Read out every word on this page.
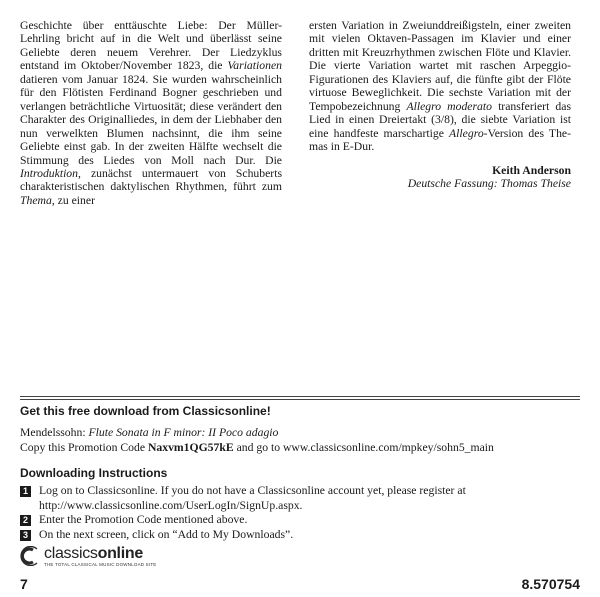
Geschichte über enttäuschte Liebe: Der Müller-Lehrling bricht auf in die Welt und überlässt seine Geliebte deren neuem Verehrer. Der Liedzyklus entstand im Oktober/November 1823, die Variationen datieren vom Januar 1824. Sie wurden wahrscheinlich für den Flötisten Ferdinand Bogner geschrieben und verlangen beträchtliche Virtuosität; diese verändert den Charakter des Originalliedes, in dem der Liebhaber den nun verwelkten Blumen nachsinnt, die ihm seine Geliebte einst gab. In der zweiten Hälfte wechselt die Stimmung des Liedes von Moll nach Dur. Die Introduktion, zunächst untermauert von Schuberts charakteristischen daktylischen Rhythmen, führt zum Thema, zu einer

ersten Variation in Zweiunddreißigsteln, einer zweiten mit vielen Oktaven-Passagen im Klavier und einer dritten mit Kreuzrhythmen zwischen Flöte und Klavier. Die vierte Variation wartet mit raschen Arpeggio-Figurationen des Klaviers auf, die fünfte gibt der Flöte virtuose Beweglichkeit. Die sechste Variation mit der Tempobezeichnung Allegro moderato transferiert das Lied in einen Dreiertakt (3/8), die siebte Variation ist eine handfeste marschartige Allegro-Version des Themas in E-Dur.

Keith Anderson
Deutsche Fassung: Thomas Theise
Get this free download from Classicsonline!
Mendelssohn: Flute Sonata in F minor: II Poco adagio
Copy this Promotion Code Naxvm1QG57kE and go to www.classicsonline.com/mpkey/sohn5_main
Downloading Instructions
1 Log on to Classicsonline. If you do not have a Classicsonline account yet, please register at http://www.classicsonline.com/UserLogIn/SignUp.aspx.
2 Enter the Promotion Code mentioned above.
3 On the next screen, click on “Add to My Downloads”.
classicsonline
THE TOTAL CLASSICAL MUSIC DOWNLOAD SITE
7	8.570754
